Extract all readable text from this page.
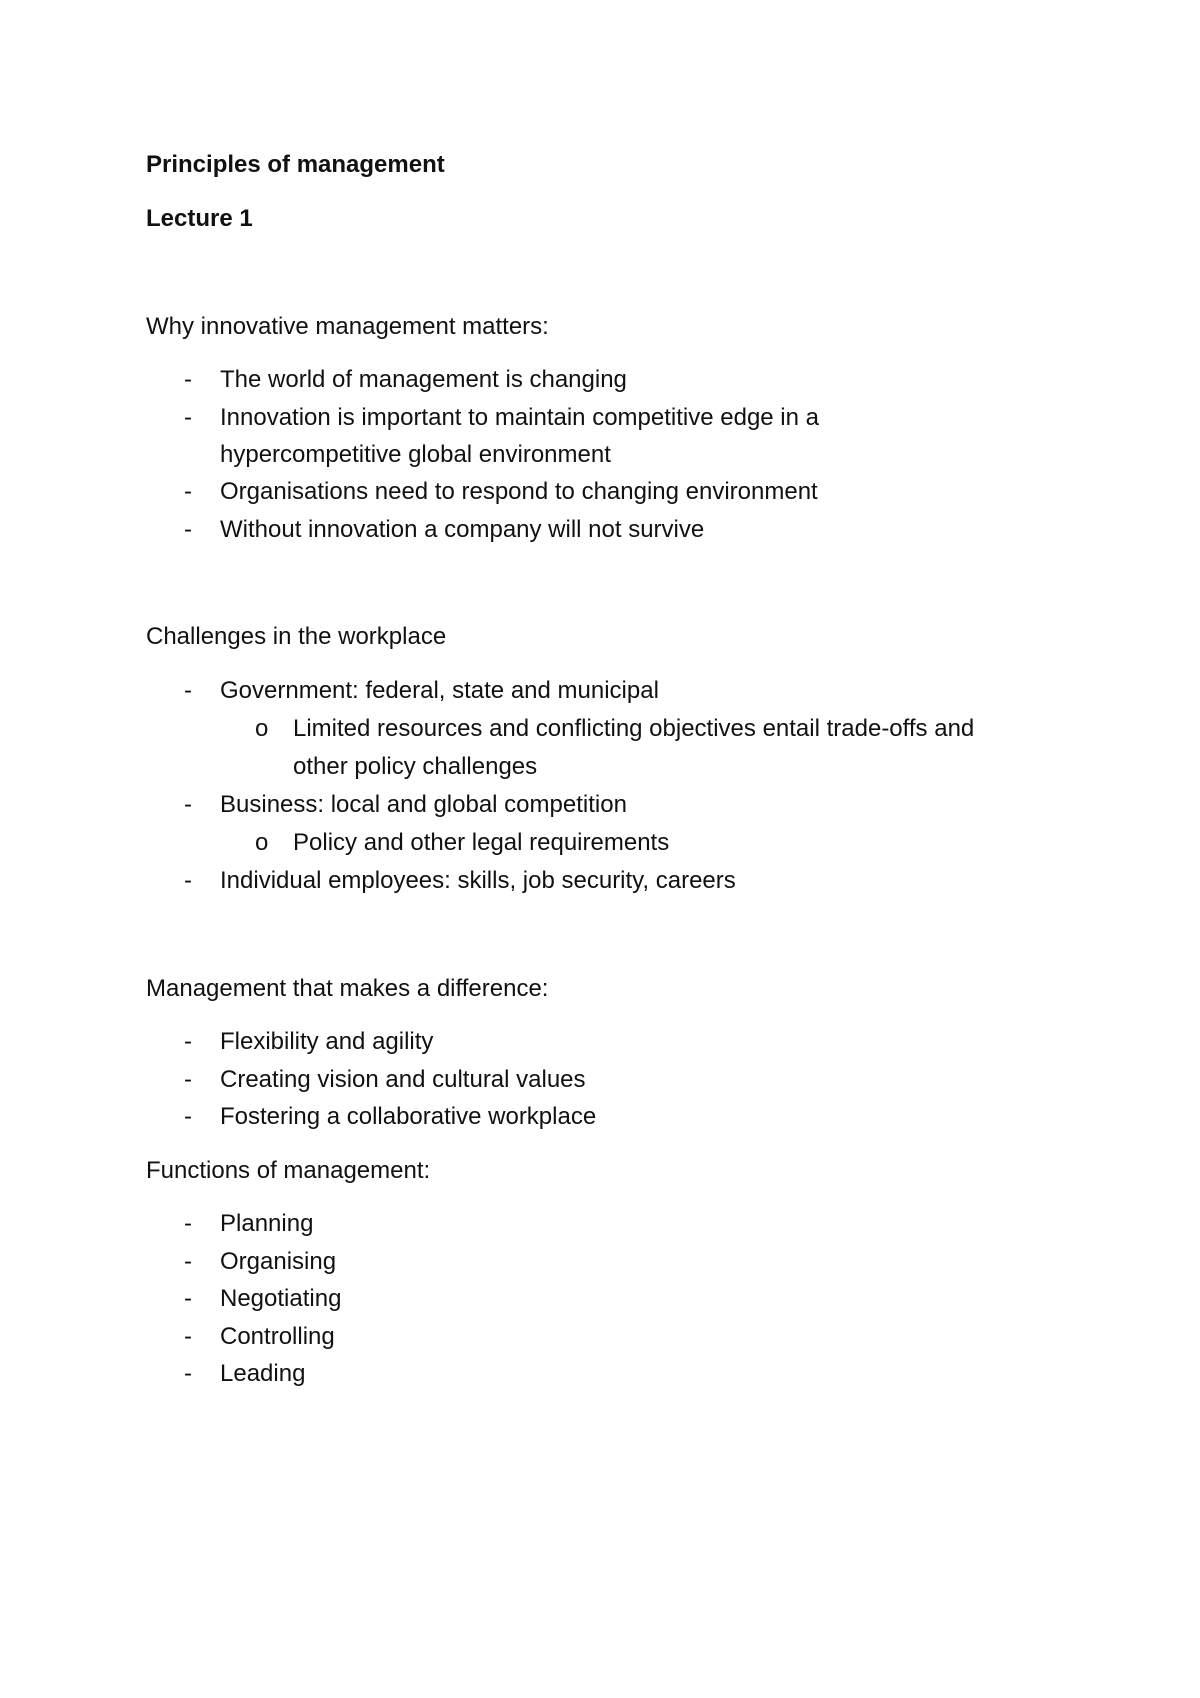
Principles of management
Lecture 1
Why innovative management matters:
-	The world of management is changing
-	Innovation is important to maintain competitive edge in a
hypercompetitive global environment
-	Organisations need to respond to changing environment
-	Without innovation a company will not survive
Challenges in the workplace
-	Government: federal, state and municipal
o Limited resources and conflicting objectives entail trade-offs and
other policy challenges
-	Business: local and global competition
o Policy and other legal requirements
-	Individual employees: skills, job security, careers
Management that makes a difference:
-	Flexibility and agility
-	Creating vision and cultural values
-	Fostering a collaborative workplace
Functions of management:
-	Planning
-	Organising
-	Negotiating
-	Controlling
-	Leading
